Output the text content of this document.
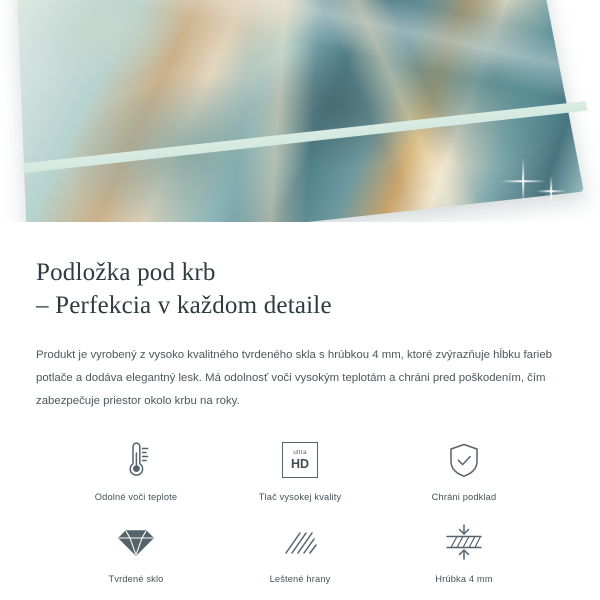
Podložka pod krb
– Perfekcia v každom detaile

Produkt je vyrobený z vysoko kvalitného tvrdeného skla s hrúbkou 4 mm, ktoré zvýrazňuje hĺbku farieb potlače a dodáva elegantný lesk. Má odolnosť voči vysokým teplotám a chráni pred poškodením, čím zabezpečuje priestor okolo krbu na roky.

Odolné voči teplote
ultra
HD
Tlač vysokej kvality	Chráni podklad
Tvrdené sklo	Leštené hrany	Hrúbka 4 mm
